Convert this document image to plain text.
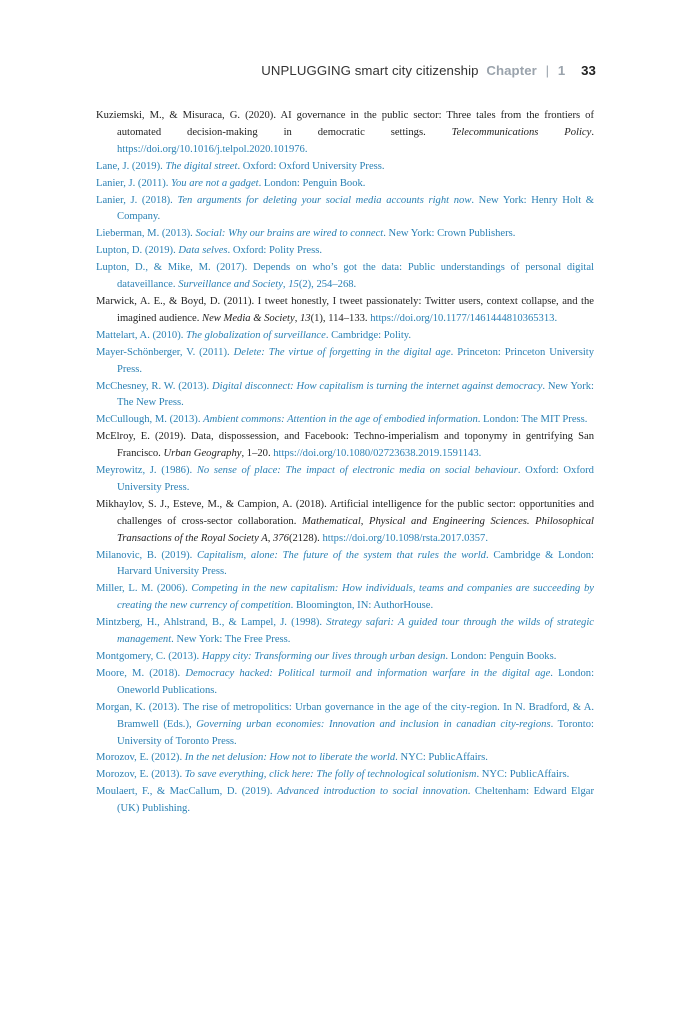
UNPLUGGING smart city citizenship Chapter | 1 33

Kuziemski, M., & Misuraca, G. (2020). AI governance in the public sector: Three tales from the frontiers of automated decision-making in democratic settings. Telecommunications Policy. https://doi.org/10.1016/j.telpol.2020.101976.

Lane, J. (2019). The digital street. Oxford: Oxford University Press.

Lanier, J. (2011). You are not a gadget. London: Penguin Book.

Lanier, J. (2018). Ten arguments for deleting your social media accounts right now. New York: Henry Holt & Company.

Lieberman, M. (2013). Social: Why our brains are wired to connect. New York: Crown Publishers.

Lupton, D. (2019). Data selves. Oxford: Polity Press.

Lupton, D., & Mike, M. (2017). Depends on who’s got the data: Public understandings of personal digital dataveillance. Surveillance and Society, 15(2), 254–268.

Marwick, A. E., & Boyd, D. (2011). I tweet honestly, I tweet passionately: Twitter users, context collapse, and the imagined audience. New Media & Society, 13(1), 114–133. https://doi.org/10.1177/1461444810365313.

Mattelart, A. (2010). The globalization of surveillance. Cambridge: Polity.

Mayer-Schönberger, V. (2011). Delete: The virtue of forgetting in the digital age. Princeton: Princeton University Press.

McChesney, R. W. (2013). Digital disconnect: How capitalism is turning the internet against democracy. New York: The New Press.

McCullough, M. (2013). Ambient commons: Attention in the age of embodied information. London: The MIT Press.

McElroy, E. (2019). Data, dispossession, and Facebook: Techno-imperialism and toponymy in gentrifying San Francisco. Urban Geography, 1–20. https://doi.org/10.1080/02723638.2019.1591143.

Meyrowitz, J. (1986). No sense of place: The impact of electronic media on social behaviour. Oxford: Oxford University Press.

Mikhaylov, S. J., Esteve, M., & Campion, A. (2018). Artificial intelligence for the public sector: opportunities and challenges of cross-sector collaboration. Mathematical, Physical and Engineering Sciences. Philosophical Transactions of the Royal Society A, 376(2128). https://doi.org/10.1098/rsta.2017.0357.

Milanovic, B. (2019). Capitalism, alone: The future of the system that rules the world. Cambridge & London: Harvard University Press.

Miller, L. M. (2006). Competing in the new capitalism: How individuals, teams and companies are succeeding by creating the new currency of competition. Bloomington, IN: AuthorHouse.

Mintzberg, H., Ahlstrand, B., & Lampel, J. (1998). Strategy safari: A guided tour through the wilds of strategic management. New York: The Free Press.

Montgomery, C. (2013). Happy city: Transforming our lives through urban design. London: Penguin Books.

Moore, M. (2018). Democracy hacked: Political turmoil and information warfare in the digital age. London: Oneworld Publications.

Morgan, K. (2013). The rise of metropolitics: Urban governance in the age of the city-region. In N. Bradford, & A. Bramwell (Eds.), Governing urban economies: Innovation and inclusion in canadian city-regions. Toronto: University of Toronto Press.

Morozov, E. (2012). In the net delusion: How not to liberate the world. NYC: PublicAffairs.

Morozov, E. (2013). To save everything, click here: The folly of technological solutionism. NYC: PublicAffairs.

Moulaert, F., & MacCallum, D. (2019). Advanced introduction to social innovation. Cheltenham: Edward Elgar (UK) Publishing.
